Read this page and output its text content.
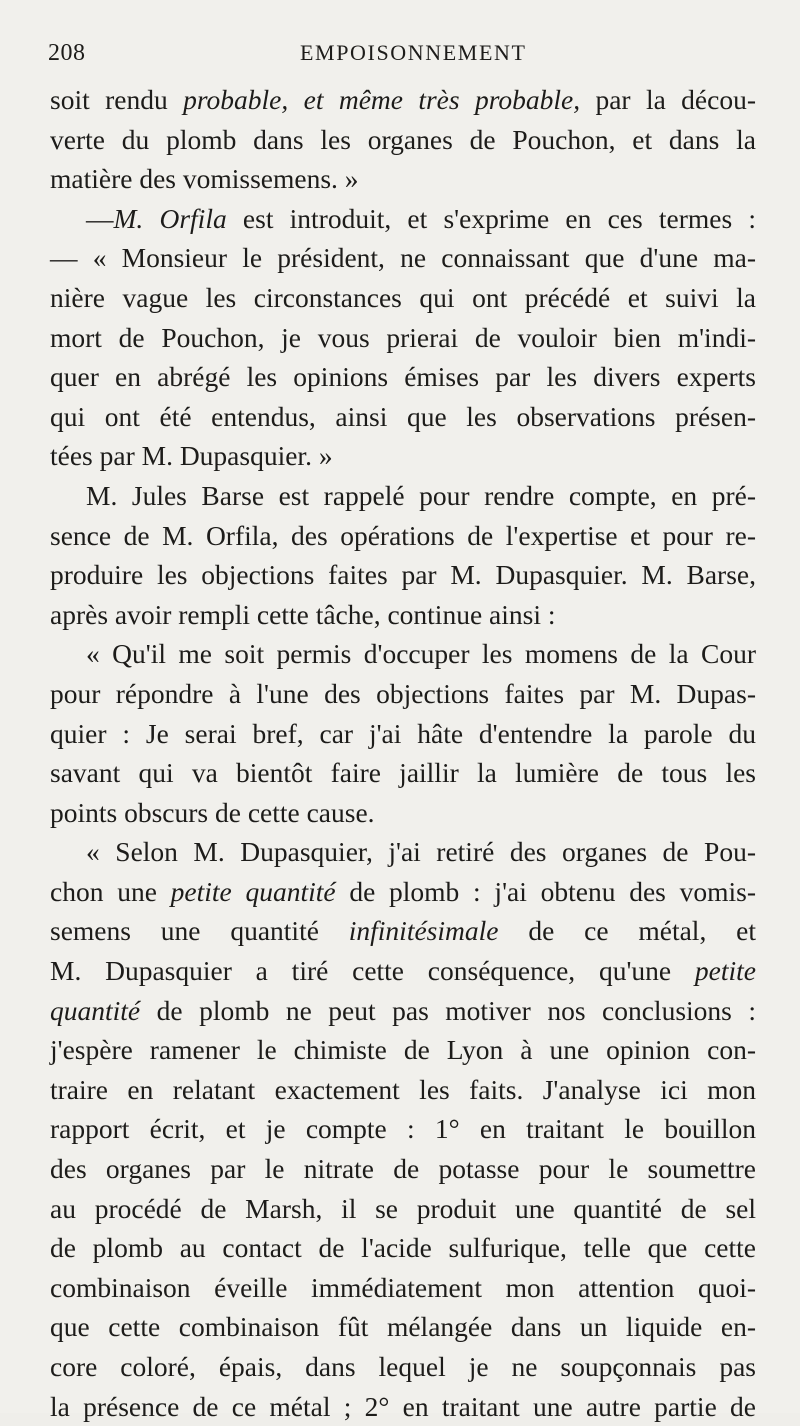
208	EMPOISONNEMENT
soit rendu probable, et même très probable, par la décou-
verte du plomb dans les organes de Pouchon, et dans la
matière des vomissemens. »
—M. Orfila est introduit, et s'exprime en ces termes :
— « Monsieur le président, ne connaissant que d'une ma-
nière vague les circonstances qui ont précédé et suivi la
mort de Pouchon, je vous prierai de vouloir bien m'indi-
quer en abrégé les opinions émises par les divers experts
qui ont été entendus, ainsi que les observations présen-
tées par M. Dupasquier. »
M. Jules Barse est rappelé pour rendre compte, en pré-
sence de M. Orfila, des opérations de l'expertise et pour re-
produire les objections faites par M. Dupasquier. M. Barse,
après avoir rempli cette tâche, continue ainsi :
« Qu'il me soit permis d'occuper les momens de la Cour
pour répondre à l'une des objections faites par M. Dupas-
quier : Je serai bref, car j'ai hâte d'entendre la parole du
savant qui va bientôt faire jaillir la lumière de tous les
points obscurs de cette cause.
« Selon M. Dupasquier, j'ai retiré des organes de Pou-
chon une petite quantité de plomb : j'ai obtenu des vomis-
semens une quantité infinitésimale de ce métal, et
M. Dupasquier a tiré cette conséquence, qu'une petite
quantité de plomb ne peut pas motiver nos conclusions :
j'espère ramener le chimiste de Lyon à une opinion con-
traire en relatant exactement les faits. J'analyse ici mon
rapport écrit, et je compte : 1° en traitant le bouillon
des organes par le nitrate de potasse pour le soumettre
au procédé de Marsh, il se produit une quantité de sel
de plomb au contact de l'acide sulfurique, telle que cette
combinaison éveille immédiatement mon attention quoi-
que cette combinaison fût mélangée dans un liquide en-
core coloré, épais, dans lequel je ne soupçonnais pas
la présence de ce métal ; 2° en traitant une autre partie de
